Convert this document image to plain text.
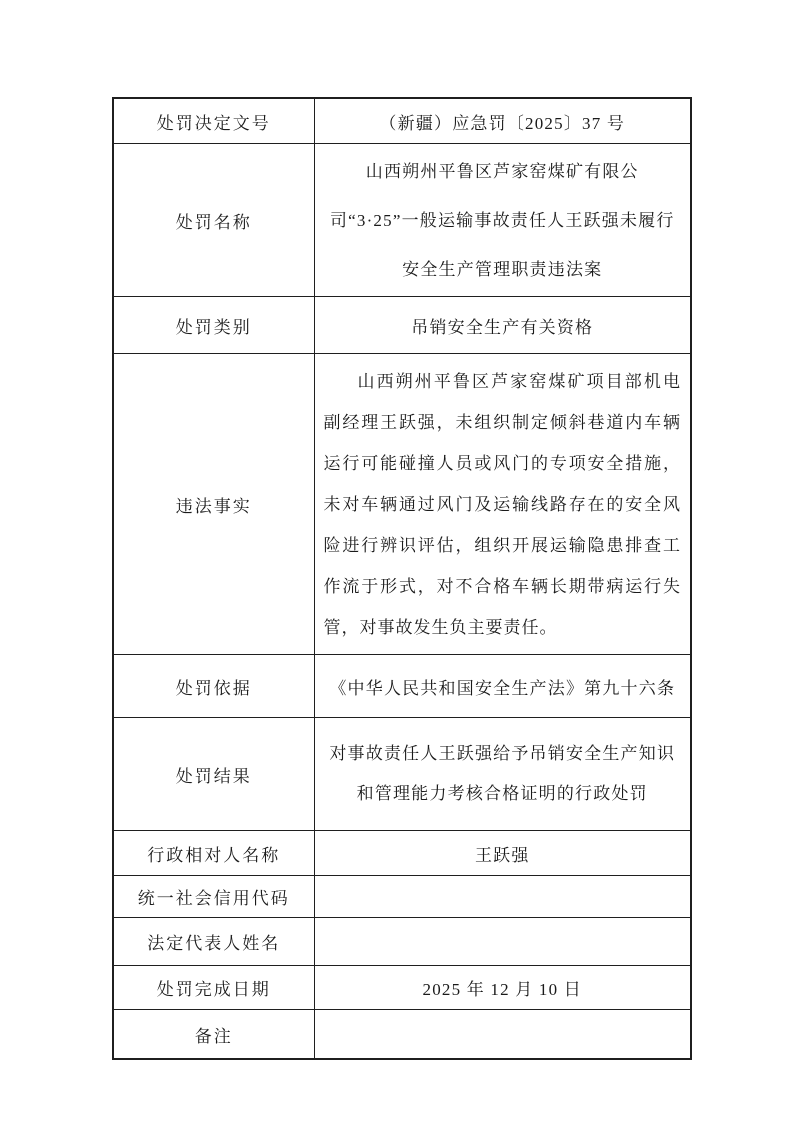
处罚决定文号	（新疆）应急罚〔2025〕37 号
处罚名称	山西朔州平鲁区芦家窑煤矿有限公司“3·25”一般运输事故责任人王跃强未履行安全生产管理职责违法案
处罚类别	吊销安全生产有关资格
违法事实	山西朔州平鲁区芦家窑煤矿项目部机电副经理王跃强，未组织制定倾斜巷道内车辆运行可能碰撞人员或风门的专项安全措施，未对车辆通过风门及运输线路存在的安全风险进行辨识评估，组织开展运输隐患排查工作流于形式，对不合格车辆长期带病运行失管，对事故发生负主要责任。
处罚依据	《中华人民共和国安全生产法》第九十六条
处罚结果	对事故责任人王跃强给予吊销安全生产知识和管理能力考核合格证明的行政处罚
行政相对人名称	王跃强
统一社会信用代码	
法定代表人姓名	
处罚完成日期	2025 年 12 月 10 日
备注	
